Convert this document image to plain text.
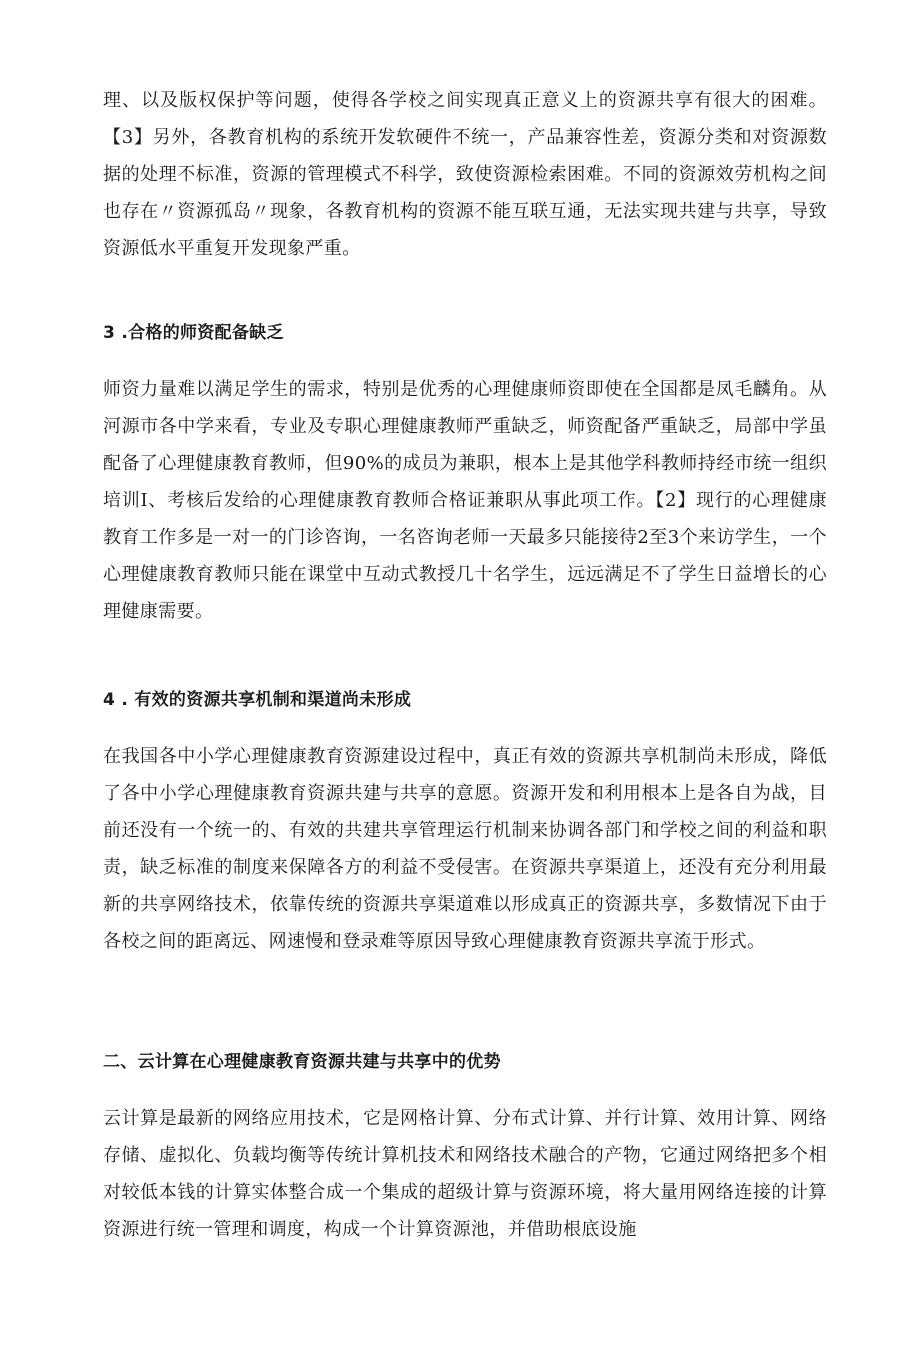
理、以及版权保护等问题，使得各学校之间实现真正意义上的资源共享有很大的困难。【3】另外，各教育机构的系统开发软硬件不统一，产品兼容性差，资源分类和对资源数据的处理不标准，资源的管理模式不科学，致使资源检索困难。不同的资源效劳机构之间也存在〃资源孤岛〃现象，各教育机构的资源不能互联互通，无法实现共建与共享，导致资源低水平重复开发现象严重。

3 .合格的师资配备缺乏

师资力量难以满足学生的需求，特别是优秀的心理健康师资即使在全国都是凤毛麟角。从河源市各中学来看，专业及专职心理健康教师严重缺乏，师资配备严重缺乏，局部中学虽配备了心理健康教育教师，但90%的成员为兼职，根本上是其他学科教师持经市统一组织培训I、考核后发给的心理健康教育教师合格证兼职从事此项工作。【2】现行的心理健康教育工作多是一对一的门诊咨询，一名咨询老师一天最多只能接待2至3个来访学生，一个心理健康教育教师只能在课堂中互动式教授几十名学生，远远满足不了学生日益增长的心理健康需要。

4 . 有效的资源共享机制和渠道尚未形成

在我国各中小学心理健康教育资源建设过程中，真正有效的资源共享机制尚未形成，降低了各中小学心理健康教育资源共建与共享的意愿。资源开发和利用根本上是各自为战，目前还没有一个统一的、有效的共建共享管理运行机制来协调各部门和学校之间的利益和职责，缺乏标准的制度来保障各方的利益不受侵害。在资源共享渠道上，还没有充分利用最新的共享网络技术，依靠传统的资源共享渠道难以形成真正的资源共享，多数情况下由于各校之间的距离远、网速慢和登录难等原因导致心理健康教育资源共享流于形式。

二、云计算在心理健康教育资源共建与共享中的优势

云计算是最新的网络应用技术，它是网格计算、分布式计算、并行计算、效用计算、网络存储、虚拟化、负载均衡等传统计算机技术和网络技术融合的产物，它通过网络把多个相对较低本钱的计算实体整合成一个集成的超级计算与资源环境，将大量用网络连接的计算资源进行统一管理和调度，构成一个计算资源池，并借助根底设施
